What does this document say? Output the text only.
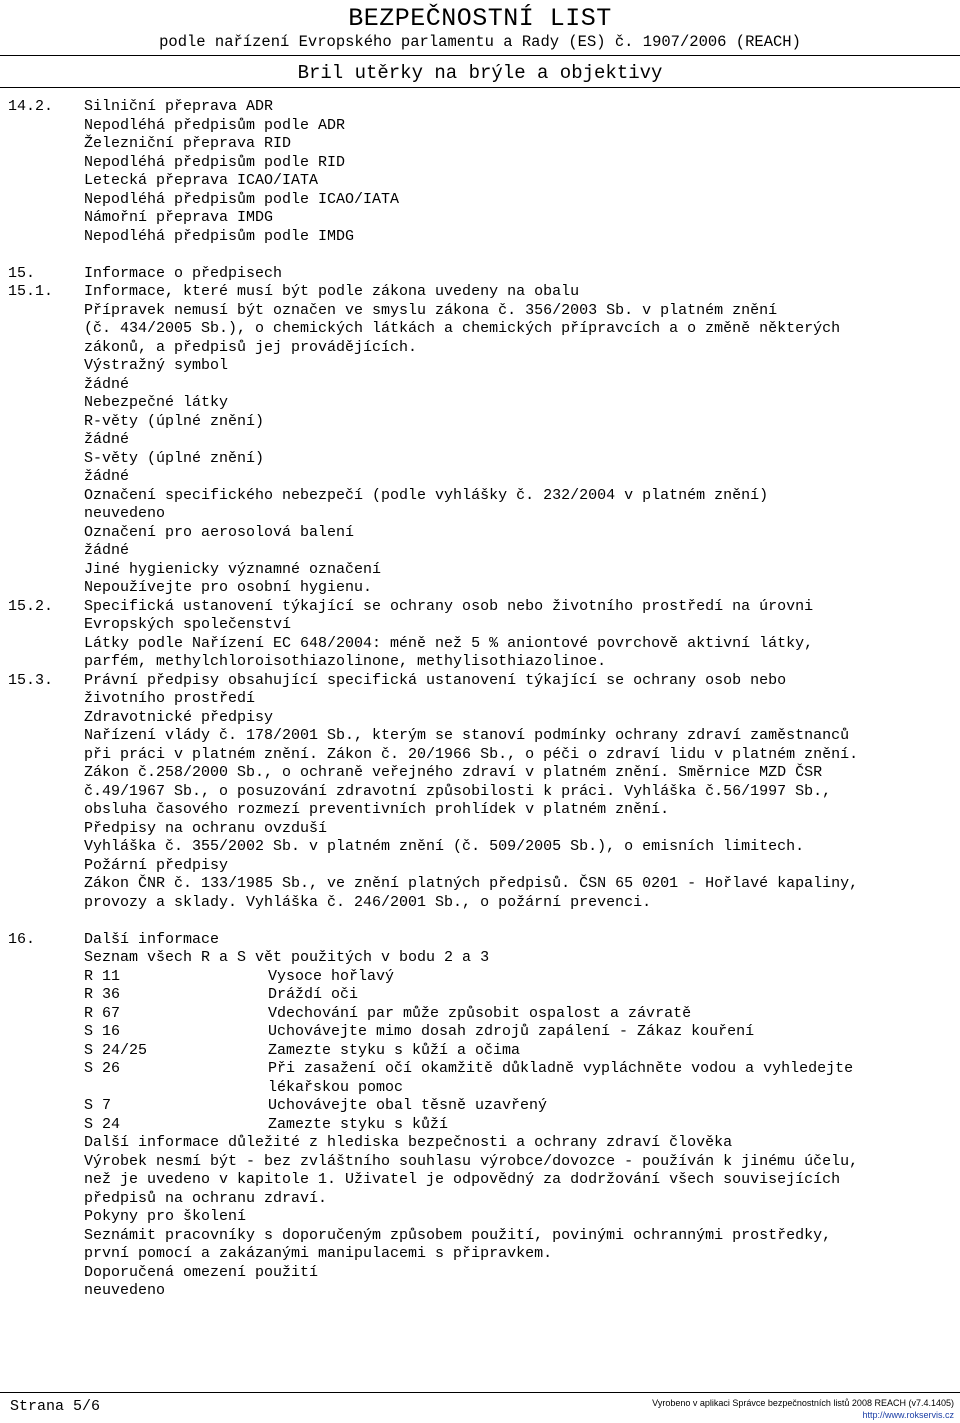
BEZPEČNOSTNÍ LIST
podle nařízení Evropského parlamentu a Rady (ES) č. 1907/2006 (REACH)
Bril utěrky na brýle a objektivy
14.2. Silniční přeprava ADR
Nepodléhá předpisům podle ADR
Železniční přeprava RID
Nepodléhá předpisům podle RID
Letecká přeprava ICAO/IATA
Nepodléhá předpisům podle ICAO/IATA
Námořní přeprava IMDG
Nepodléhá předpisům podle IMDG
15.	Informace o předpisech
15.1. Informace, které musí být podle zákona uvedeny na obalu
Přípravek nemusí být označen ve smyslu zákona č. 356/2003 Sb. v platném znění
(č. 434/2005 Sb.), o chemických látkách a chemických přípravcích a o změně některých
zákonů, a předpisů jej provádějících.
Výstražný symbol
žádné
Nebezpečné látky
R-věty (úplné znění)
žádné
S-věty (úplné znění)
žádné
Označení specifického nebezpečí (podle vyhlášky č. 232/2004 v platném znění)
neuvedeno
Označení pro aerosolová balení
žádné
Jiné hygienicky významné označení
Nepoužívejte pro osobní hygienu.
15.2. Specifická ustanovení týkající se ochrany osob nebo životního prostředí na úrovni
Evropských společenství
Látky podle Nařízení EC 648/2004: méně než 5 % aniontové povrchově aktivní látky,
parfém, methylchloroisothiazolinone, methylisothiazolinoe.
15.3. Právní předpisy obsahující specifická ustanovení týkající se ochrany osob nebo
životního prostředí
Zdravotnické předpisy
Nařízení vlády č. 178/2001 Sb., kterým se stanoví podmínky ochrany zdraví zaměstnanců
při práci v platném znění. Zákon č. 20/1966 Sb., o péči o zdraví lidu v platném znění.
Zákon č.258/2000 Sb., o ochraně veřejného zdraví v platném znění. Směrnice MZD ČSR
č.49/1967 Sb., o posuzování zdravotní způsobilosti k práci. Vyhláška č.56/1997 Sb.,
obsluha časového rozmezí preventivních prohlídek v platném znění.
Předpisy na ochranu ovzduší
Vyhláška č. 355/2002 Sb. v platném znění (č. 509/2005 Sb.), o emisních limitech.
Požární předpisy
Zákon ČNR č. 133/1985 Sb., ve znění platných předpisů. ČSN 65 0201 - Hořlavé kapaliny,
provozy a sklady. Vyhláška č. 246/2001 Sb., o požární prevenci.
16.	Další informace
Seznam všech R a S vět použitých v bodu 2 a 3
R 11	Vysoce hořlavý
R 36	Dráždí oči
R 67	Vdechování par může způsobit ospalost a závratě
S 16	Uchovávejte mimo dosah zdrojů zapálení - Zákaz kouření
S 24/25	Zamezte styku s kůží a očima
S 26	Při zasažení očí okamžitě důkladně vypláchněte vodou a vyhledejte
lékařskou pomoc
S 7	Uchovávejte obal těsně uzavřený
S 24	Zamezte styku s kůží
Další informace důležité z hlediska bezpečnosti a ochrany zdraví člověka
Výrobek nesmí být - bez zvláštního souhlasu výrobce/dovozce - používán k jinému účelu,
než je uvedeno v kapitole 1. Uživatel je odpovědný za dodržování všech souvisejících
předpisů na ochranu zdraví.
Pokyny pro školení
Seznámit pracovníky s doporučeným způsobem použití, povinými ochrannými prostředky,
první pomocí a zakázanými manipulacemi s připravkem.
Doporučená omezení použití
neuvedeno
Strana 5/6	Vyrobeno v aplikaci Správce bezpečnostních listů 2008 REACH (v7.4.1405)
http://www.rokservis.cz
